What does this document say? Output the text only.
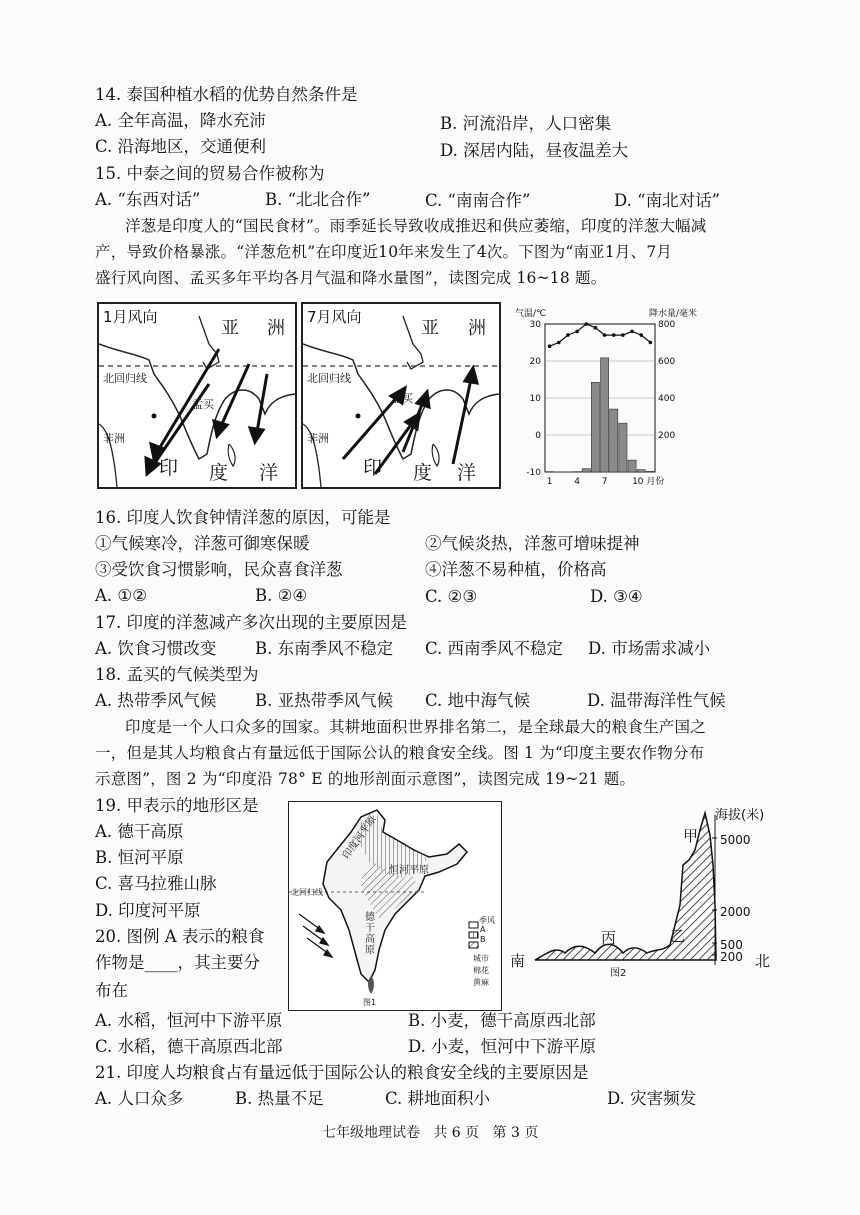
14. 泰国种植水稻的优势自然条件是
A. 全年高温，降水充沛	B. 河流沿岸，人口密集
C. 沿海地区，交通便利	D. 深居内陆，昼夜温差大
15. 中泰之间的贸易合作被称为
A. “东西对话”	B. “北北合作”	C. “南南合作”	D. “南北对话”
洋葱是印度人的“国民食材”。雨季延长导致收成推迟和供应萎缩，印度的洋葱大幅减
产，导致价格暴涨。“洋葱危机”在印度近10年来发生了4次。下图为“南亚1月、7月
盛行风向图、孟买多年平均各月气温和降水量图”，读图完成 16~18 题。
1月风向
亚 洲
北回归线
孟买
非洲
印 度 洋
7月风向
亚 洲
北回归线
孟买
非洲
印 度 洋
30
20
10
0
-10
800
600
400
200
1 4 7	10 月份
气温/℃	降水量/毫米
16. 印度人饮食钟情洋葱的原因，可能是
①气候寒冷，洋葱可御寒保暖	②气候炎热，洋葱可增味提神
③受饮食习惯影响，民众喜食洋葱	④洋葱不易种植，价格高
A. ①②	B. ②④	C. ②③	D. ③④
17. 印度的洋葱减产多次出现的主要原因是
A. 饮食习惯改变 B. 东南季风不稳定 C. 西南季风不稳定 D. 市场需求减小
18. 孟买的气候类型为
A. 热带季风气候 B. 亚热带季风气候 C. 地中海气候	D. 温带海洋性气候
印度是一个人口众多的国家。其耕地面积世界排名第二，是全球最大的粮食生产国之
一，但是其人均粮食占有量远低于国际公认的粮食安全线。图 1 为“印度主要农作物分布
示意图”，图 2 为“印度沿 78° E 的地形剖面示意图”，读图完成 19~21 题。
19. 甲表示的地形区是
A. 德干高原
B. 恒河平原
C. 喜马拉雅山脉
D. 印度河平原
20. 图例 A 表示的粮食
作物是____，其主要分
布在
印度河平原
恒河平原
德干高原
北回归线
季风
A
B
城市
棉花
黄麻
图1
海拔(米)
5000
2000
500
200
甲
乙
丙
南	北
图2
A. 水稻，恒河中下游平原	B. 小麦，德干高原西北部
C. 水稻，德干高原西北部	D. 小麦，恒河中下游平原
21. 印度人均粮食占有量远低于国际公认的粮食安全线的主要原因是
A. 人口众多	B. 热量不足	C. 耕地面积小	D. 灾害频发
七年级地理试卷   共 6 页   第 3 页
